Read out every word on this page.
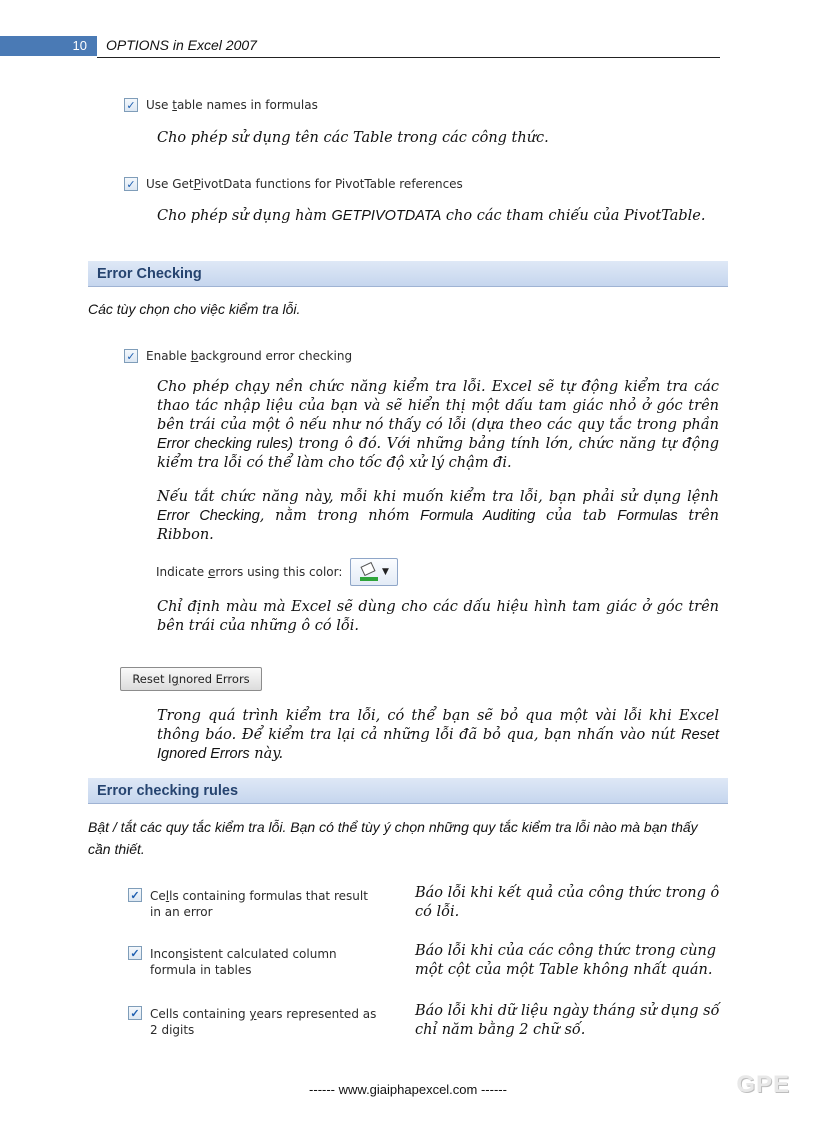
10	OPTIONS in Excel 2007
✓ Use table names in formulas
Cho phép sử dụng tên các Table trong các công thức.
✓ Use GetPivotData functions for PivotTable references
Cho phép sử dụng hàm GETPIVOTDATA cho các tham chiếu của PivotTable.
Error Checking
Các tùy chọn cho việc kiểm tra lỗi.
✓ Enable background error checking
Cho phép chạy nền chức năng kiểm tra lỗi. Excel sẽ tự động kiểm tra các thao tác nhập liệu của bạn và sẽ hiển thị một dấu tam giác nhỏ ở góc trên bên trái của một ô nếu như nó thấy có lỗi (dựa theo các quy tắc trong phần Error checking rules) trong ô đó. Với những bảng tính lớn, chức năng tự động kiểm tra lỗi có thể làm cho tốc độ xử lý chậm đi.
Nếu tắt chức năng này, mỗi khi muốn kiểm tra lỗi, bạn phải sử dụng lệnh Error Checking, nằm trong nhóm Formula Auditing của tab Formulas trên Ribbon.
Indicate errors using this color:	▼
Chỉ định màu mà Excel sẽ dùng cho các dấu hiệu hình tam giác ở góc trên bên trái của những ô có lỗi.
Reset Ignored Errors
Trong quá trình kiểm tra lỗi, có thể bạn sẽ bỏ qua một vài lỗi khi Excel thông báo. Để kiểm tra lại cả những lỗi đã bỏ qua, bạn nhấn vào nút Reset Ignored Errors này.
Error checking rules
Bật / tắt các quy tắc kiểm tra lỗi. Bạn có thể tùy ý chọn những quy tắc kiểm tra lỗi nào mà bạn thấy cần thiết.
✓ Cells containing formulas that result
in an error
Báo lỗi khi kết quả của công thức trong ô có lỗi.
✓ Inconsistent calculated column
formula in tables
Báo lỗi khi của các công thức trong cùng một cột của một Table không nhất quán.
✓ Cells containing years represented as
2 digits
Báo lỗi khi dữ liệu ngày tháng sử dụng số chỉ năm bằng 2 chữ số.
------ www.giaiphapexcel.com ------	GPE
